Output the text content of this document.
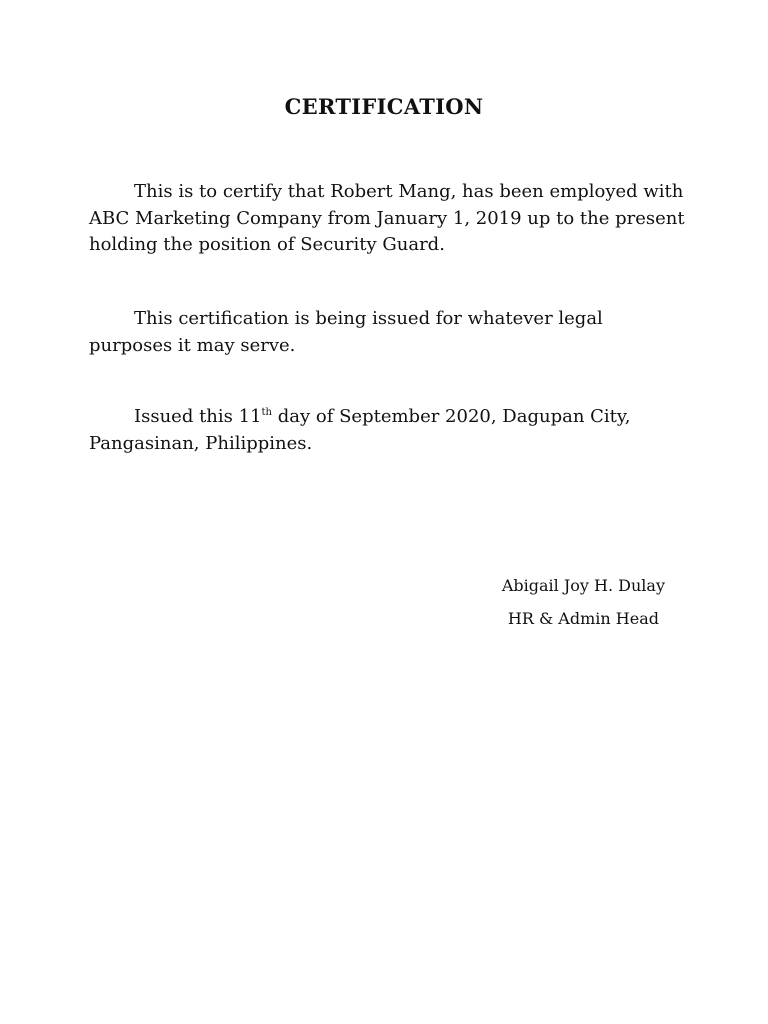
CERTIFICATION

This is to certify that Robert Mang, has been employed with ABC Marketing Company from January 1, 2019 up to the present holding the position of Security Guard.

This certification is being issued for whatever legal purposes it may serve.

Issued this 11th day of September 2020, Dagupan City, Pangasinan, Philippines.

Abigail Joy H. Dulay
HR & Admin Head
